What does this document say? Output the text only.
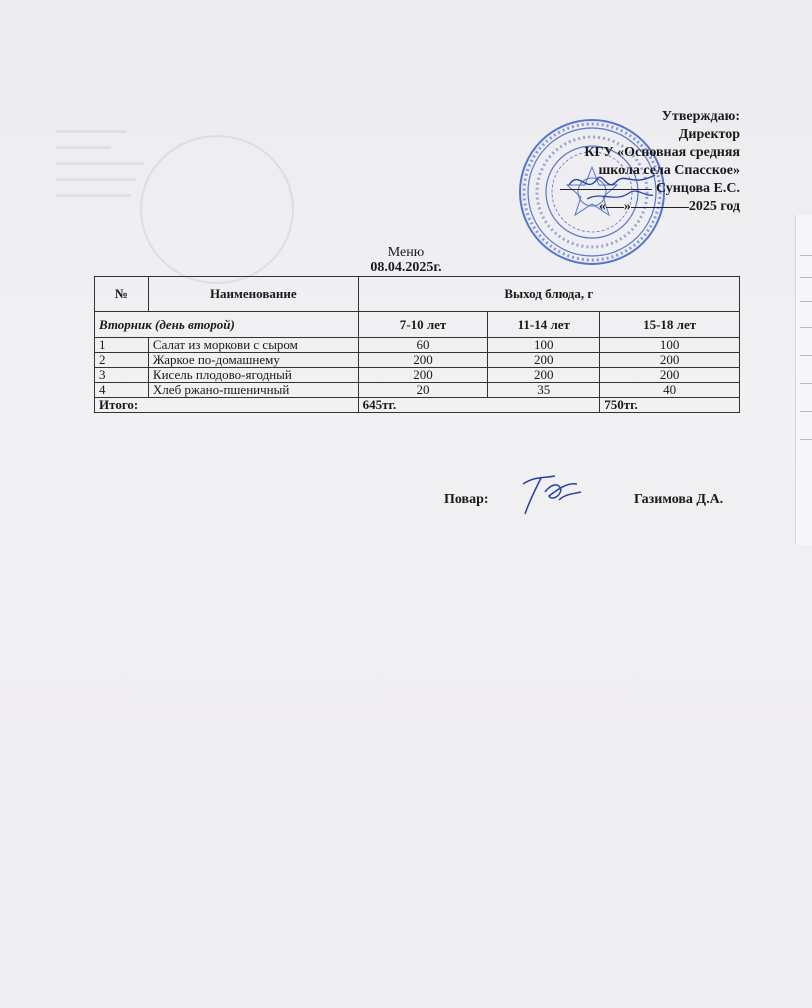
Утверждаю:
Директор
КГУ «Основная средняя
школа села Спасское»
Сунцова Е.С.
« »	2025 год
Меню
08.04.2025г.
№	Наименование	Выход блюда, г		
Вторник (день второй)		7-10 лет	11-14 лет	15-18 лет
1	Салат из моркови с сыром	60	100	100
2	Жаркое по-домашнему	200	200	200
3	Кисель плодово-ягодный	200	200	200
4	Хлеб ржано-пшеничный	20	35	40
Итого:		645тг.		750тг.
Повар:	Газимова Д.А.
